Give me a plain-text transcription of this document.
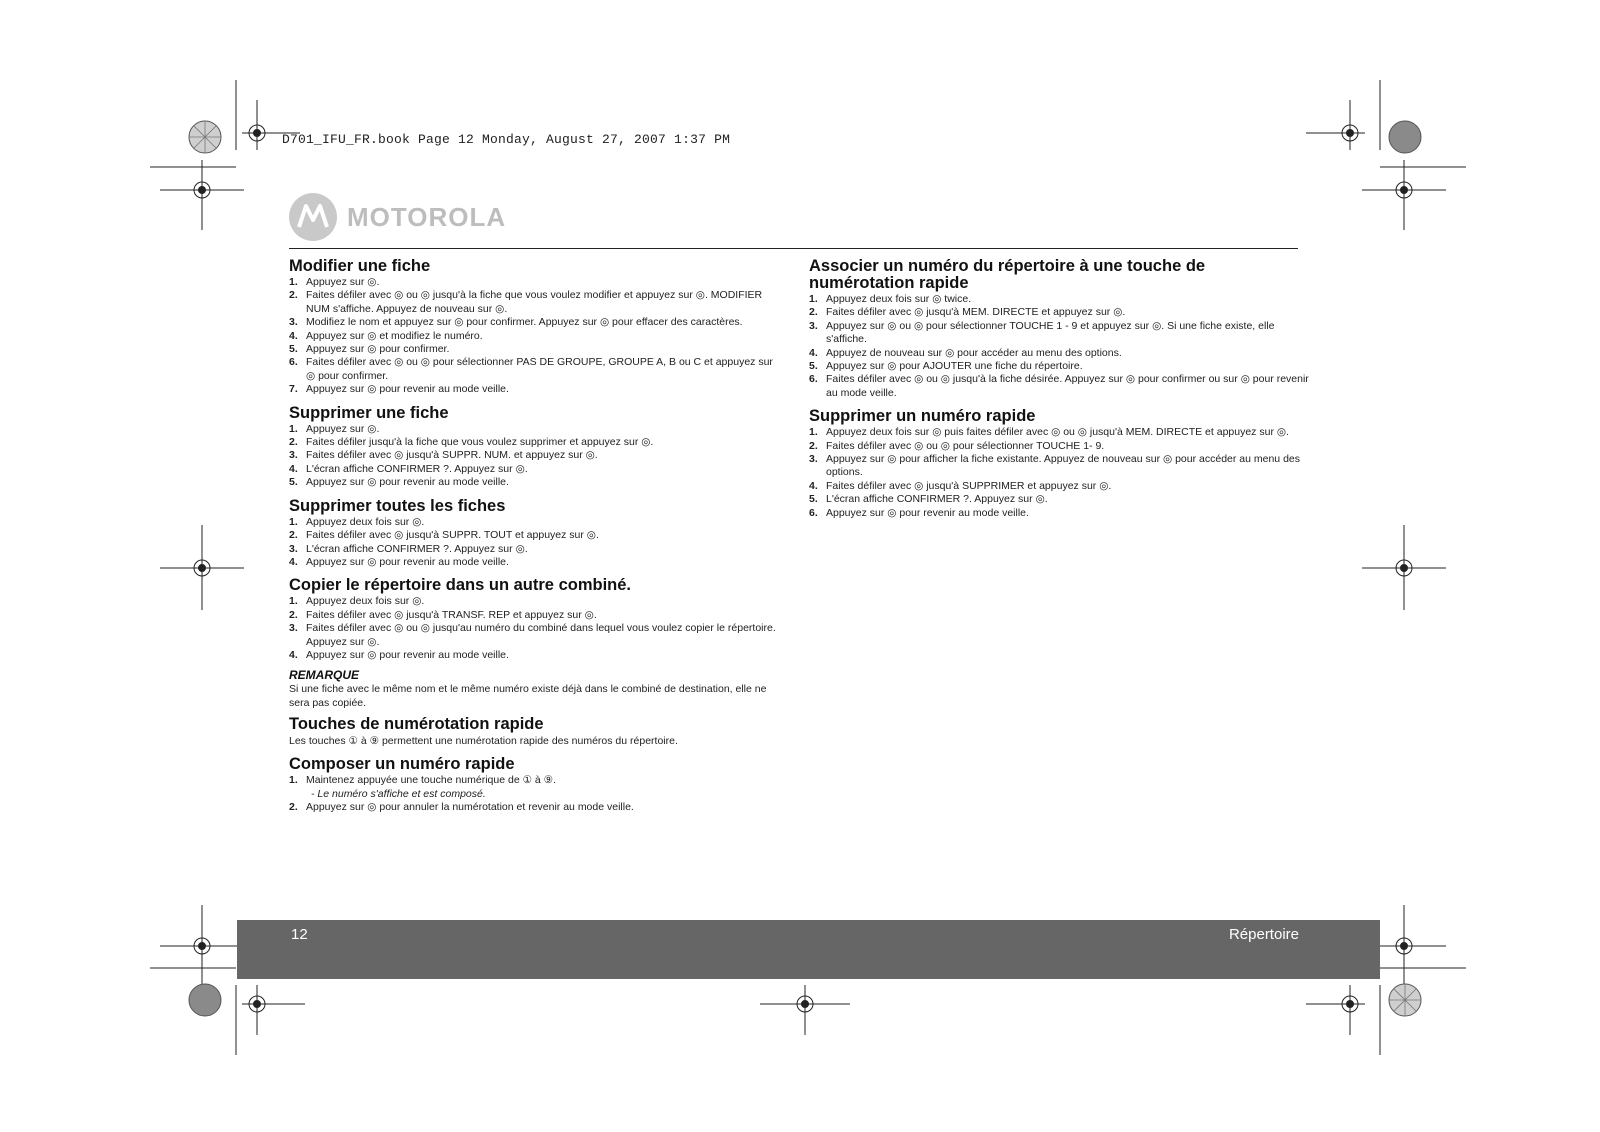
D701_IFU_FR.book Page 12 Monday, August 27, 2007 1:37 PM
MOTOROLA
Modifier une fiche
1. Appuyez sur ◎.
2. Faites défiler avec ◎ ou ◎ jusqu'à la fiche que vous voulez modifier et appuyez sur ◎. MODIFIER NUM s'affiche. Appuyez de nouveau sur ◎.
3. Modifiez le nom et appuyez sur ◎ pour confirmer. Appuyez sur ◎ pour effacer des caractères.
4. Appuyez sur ◎ et modifiez le numéro.
5. Appuyez sur ◎ pour confirmer.
6. Faites défiler avec ◎ ou ◎ pour sélectionner PAS DE GROUPE, GROUPE A, B ou C et appuyez sur ◎ pour confirmer.
7. Appuyez sur ◎ pour revenir au mode veille.
Supprimer une fiche
1. Appuyez sur ◎.
2. Faites défiler jusqu'à la fiche que vous voulez supprimer et appuyez sur ◎.
3. Faites défiler avec ◎ jusqu'à SUPPR. NUM. et appuyez sur ◎.
4. L'écran affiche CONFIRMER ?. Appuyez sur ◎.
5. Appuyez sur ◎ pour revenir au mode veille.
Supprimer toutes les fiches
1. Appuyez deux fois sur ◎.
2. Faites défiler avec ◎ jusqu'à SUPPR. TOUT et appuyez sur ◎.
3. L'écran affiche CONFIRMER ?. Appuyez sur ◎.
4. Appuyez sur ◎ pour revenir au mode veille.
Copier le répertoire dans un autre combiné.
1. Appuyez deux fois sur ◎.
2. Faites défiler avec ◎ jusqu'à TRANSF. REP et appuyez sur ◎.
3. Faites défiler avec ◎ ou ◎ jusqu'au numéro du combiné dans lequel vous voulez copier le répertoire. Appuyez sur ◎.
4. Appuyez sur ◎ pour revenir au mode veille.
REMARQUE
Si une fiche avec le même nom et le même numéro existe déjà dans le combiné de destination, elle ne sera pas copiée.
Touches de numérotation rapide
Les touches ① à ⑨ permettent une numérotation rapide des numéros du répertoire.
Composer un numéro rapide
1. Maintenez appuyée une touche numérique de ① à ⑨.
- Le numéro s'affiche et est composé.
2. Appuyez sur ◎ pour annuler la numérotation et revenir au mode veille.
Associer un numéro du répertoire à une touche de numérotation rapide
1. Appuyez deux fois sur ◎ twice.
2. Faites défiler avec ◎ jusqu'à MEM. DIRECTE et appuyez sur ◎.
3. Appuyez sur ◎ ou ◎ pour sélectionner TOUCHE 1 - 9 et appuyez sur ◎. Si une fiche existe, elle s'affiche.
4. Appuyez de nouveau sur ◎ pour accéder au menu des options.
5. Appuyez sur ◎ pour AJOUTER une fiche du répertoire.
6. Faites défiler avec ◎ ou ◎ jusqu'à la fiche désirée. Appuyez sur ◎ pour confirmer ou sur ◎ pour revenir au mode veille.
Supprimer un numéro rapide
1. Appuyez deux fois sur ◎ puis faites défiler avec ◎ ou ◎ jusqu'à MEM. DIRECTE et appuyez sur ◎.
2. Faites défiler avec ◎ ou ◎ pour sélectionner TOUCHE 1- 9.
3. Appuyez sur ◎ pour afficher la fiche existante. Appuyez de nouveau sur ◎ pour accéder au menu des options.
4. Faites défiler avec ◎ jusqu'à SUPPRIMER et appuyez sur ◎.
5. L'écran affiche CONFIRMER ?. Appuyez sur ◎.
6. Appuyez sur ◎ pour revenir au mode veille.
12	Répertoire
